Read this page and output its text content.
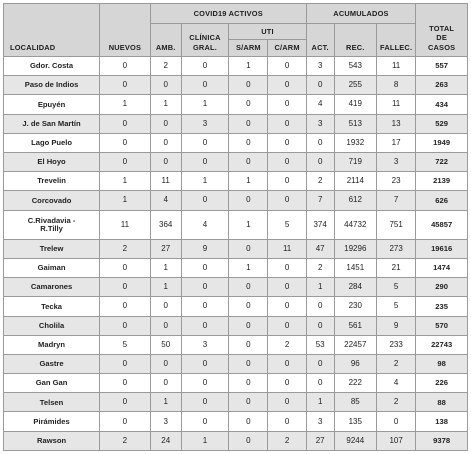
LOCALIDAD	NUEVOS	COVID19 ACTIVOS				ACUMULADOS			TOTAL
DE
CASOS

		AMB.	CLÍNICA
GRAL.	UTI		ACT.	REC.	FALLEC.	
				S/ARM	C/ARM				
Gdor. Costa	0	2	0	1	0	3	543	11	557
Paso de Indios	0	0	0	0	0	0	255	8	263
Epuyén	1	1	1	0	0	4	419	11	434
J. de San Martín	0	0	3	0	0	3	513	13	529
Lago Puelo	0	0	0	0	0	0	1932	17	1949
El Hoyo	0	0	0	0	0	0	719	3	722
Trevelin	1	11	1	1	0	2	2114	23	2139
Corcovado	1	4	0	0	0	7	612	7	626
C.Rivadavia -
R.Tilly	11	364	4	1	5	374	44732	751	45857
Trelew	2	27	9	0	11	47	19296	273	19616
Gaiman	0	1	0	1	0	2	1451	21	1474
Camarones	0	1	0	0	0	1	284	5	290
Tecka	0	0	0	0	0	0	230	5	235
Cholila	0	0	0	0	0	0	561	9	570
Madryn	5	50	3	0	2	53	22457	233	22743
Gastre	0	0	0	0	0	0	96	2	98
Gan Gan	0	0	0	0	0	0	222	4	226
Telsen	0	1	0	0	0	1	85	2	88
Pirámides	0	3	0	0	0	3	135	0	138
Rawson	2	24	1	0	2	27	9244	107	9378
